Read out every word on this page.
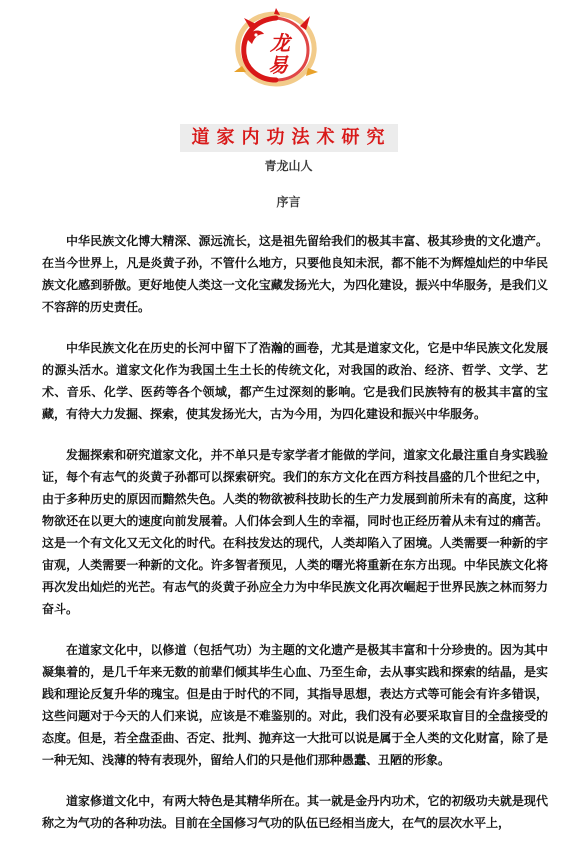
龙
易
道家内功法术研究
青龙山人
序言

中华民族文化博大精深、源远流长，这是祖先留给我们的极其丰富、极其珍贵的文化遗产。在当今世界上，凡是炎黄子孙，不管什么地方，只要他良知未泯，都不能不为辉煌灿烂的中华民族文化感到骄傲。更好地使人类这一文化宝藏发扬光大，为四化建设，振兴中华服务，是我们义不容辞的历史责任。

中华民族文化在历史的长河中留下了浩瀚的画卷，尤其是道家文化，它是中华民族文化发展的源头活水。道家文化作为我国土生土长的传统文化，对我国的政治、经济、哲学、文学、艺术、音乐、化学、医药等各个领域，都产生过深刻的影响。它是我们民族特有的极其丰富的宝藏，有待大力发掘、探索，使其发扬光大，古为今用，为四化建设和振兴中华服务。

发掘探索和研究道家文化，并不单只是专家学者才能做的学问，道家文化最注重自身实践验证，每个有志气的炎黄子孙都可以探索研究。我们的东方文化在西方科技昌盛的几个世纪之中，由于多种历史的原因而黯然失色。人类的物欲被科技助长的生产力发展到前所未有的高度，这种物欲还在以更大的速度向前发展着。人们体会到人生的幸福，同时也正经历着从未有过的痛苦。这是一个有文化又无文化的时代。在科技发达的现代，人类却陷入了困境。人类需要一种新的宇宙观，人类需要一种新的文化。许多智者预见，人类的曙光将重新在东方出现。中华民族文化将再次发出灿烂的光芒。有志气的炎黄子孙应全力为中华民族文化再次崛起于世界民族之林而努力奋斗。

在道家文化中，以修道（包括气功）为主题的文化遗产是极其丰富和十分珍贵的。因为其中凝集着的，是几千年来无数的前辈们倾其毕生心血、乃至生命，去从事实践和探索的结晶，是实践和理论反复升华的瑰宝。但是由于时代的不同，其指导思想，表达方式等可能会有许多错误，这些问题对于今天的人们来说，应该是不难鉴别的。对此，我们没有必要采取盲目的全盘接受的态度。但是，若全盘歪曲、否定、批判、抛弃这一大批可以说是属于全人类的文化财富，除了是一种无知、浅薄的特有表现外，留给人们的只是他们那种愚蠢、丑陋的形象。

道家修道文化中，有两大特色是其精华所在。其一就是金丹内功术，它的初级功夫就是现代称之为气功的各种功法。目前在全国修习气功的队伍已经相当庞大，在气的层次水平上，
